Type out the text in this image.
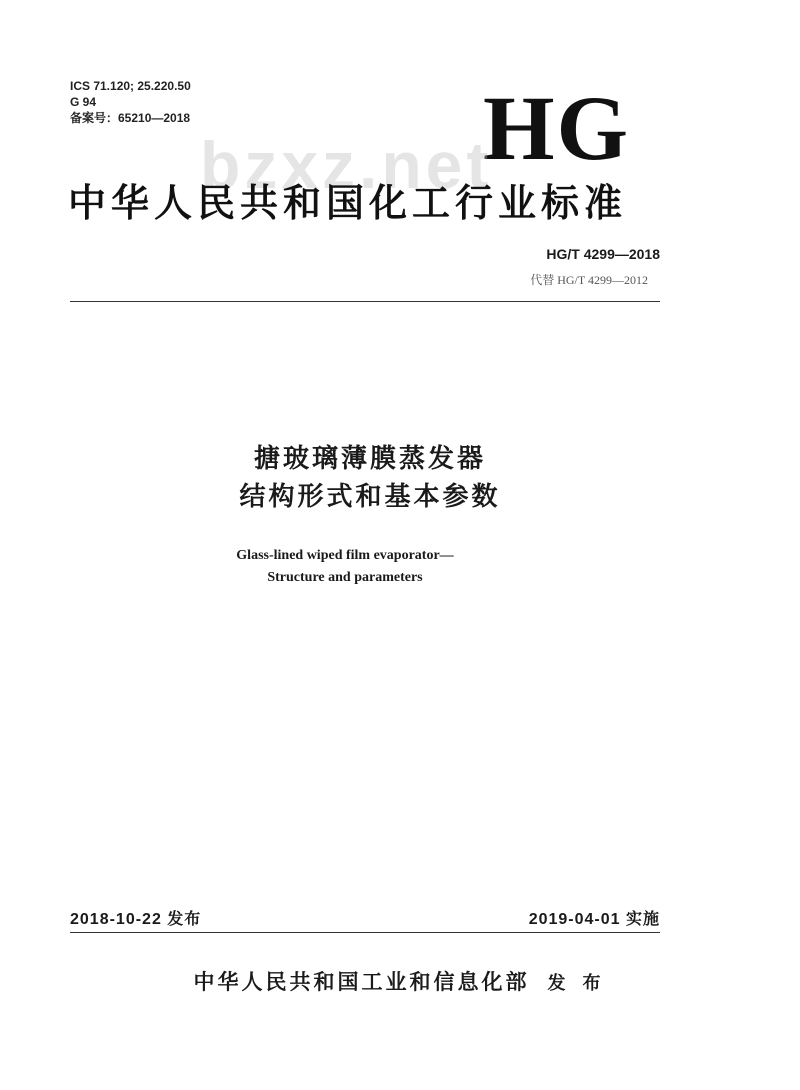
ICS 71.120; 25.220.50
G 94
备案号：65210—2018	HG
bzxz.net
中华人民共和国化工行业标准
HG/T 4299—2018
代替 HG/T 4299—2012
搪玻璃薄膜蒸发器
结构形式和基本参数
Glass-lined wiped film evaporator—
Structure and parameters
2018-10-22 发布	2019-04-01 实施
中华人民共和国工业和信息化部 发 布
